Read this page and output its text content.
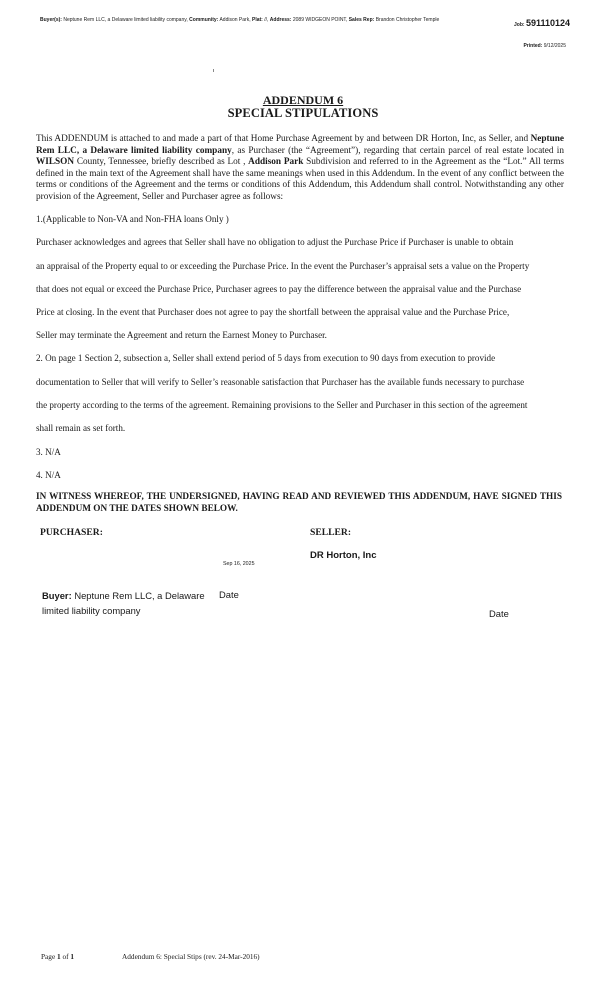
Buyer(s): Neptune Rem LLC, a Delaware limited liability company, Community: Addison Park, Plat: //, Address: 2089 WIDGEON POINT, Sales Rep: Brandon Christopher Temple
Job: 591110124
Printed: 9/12/2025
ADDENDUM 6
SPECIAL STIPULATIONS
This ADDENDUM is attached to and made a part of that Home Purchase Agreement by and between DR Horton, Inc, as Seller, and Neptune Rem LLC, a Delaware limited liability company, as Purchaser (the “Agreement”), regarding that certain parcel of real estate located in WILSON County, Tennessee, briefly described as Lot , Addison Park Subdivision and referred to in the Agreement as the “Lot.” All terms defined in the main text of the Agreement shall have the same meanings when used in this Addendum. In the event of any conflict between the terms or conditions of the Agreement and the terms or conditions of this Addendum, this Addendum shall control. Notwithstanding any other provision of the Agreement, Seller and Purchaser agree as follows:
1.(Applicable to Non-VA and Non-FHA loans Only )
Purchaser acknowledges and agrees that Seller shall have no obligation to adjust the Purchase Price if Purchaser is unable to obtain
an appraisal of the Property equal to or exceeding the Purchase Price. In the event the Purchaser’s appraisal sets a value on the Property
that does not equal or exceed the Purchase Price, Purchaser agrees to pay the difference between the appraisal value and the Purchase
Price at closing. In the event that Purchaser does not agree to pay the shortfall between the appraisal value and the Purchase Price,
Seller may terminate the Agreement and return the Earnest Money to Purchaser.
2. On page 1 Section 2, subsection a, Seller shall extend period of 5 days from execution to 90 days from execution to provide
documentation to Seller that will verify to Seller’s reasonable satisfaction that Purchaser has the available funds necessary to purchase
the property according to the terms of the agreement. Remaining provisions to the Seller and Purchaser in this section of the agreement
shall remain as set forth.
3. N/A
4. N/A
IN WITNESS WHEREOF, THE UNDERSIGNED, HAVING READ AND REVIEWED THIS ADDENDUM, HAVE SIGNED THIS ADDENDUM ON THE DATES SHOWN BELOW.
PURCHASER:	SELLER:
DR Horton, Inc
Sep 16, 2025
Buyer: Neptune Rem LLC, a Delaware limited liability company
Date
Date
Page 1 of 1	Addendum 6: Special Stips (rev. 24-Mar-2016)
